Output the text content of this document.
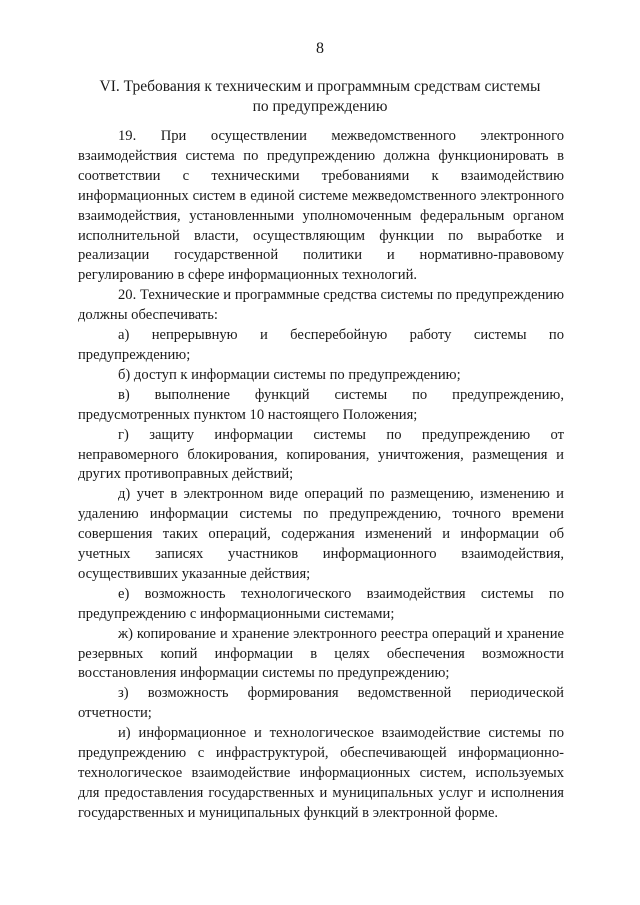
8
VI. Требования к техническим и программным средствам системы
по предупреждению

19. При осуществлении межведомственного электронного взаимодействия система по предупреждению должна функционировать в соответствии с техническими требованиями к взаимодействию информационных систем в единой системе межведомственного электронного взаимодействия, установленными уполномоченным федеральным органом исполнительной власти, осуществляющим функции по выработке и реализации государственной политики и нормативно-правовому регулированию в сфере информационных технологий.

20. Технические и программные средства системы по предупреждению должны обеспечивать:

а) непрерывную и бесперебойную работу системы по предупреждению;

б) доступ к информации системы по предупреждению;

в) выполнение функций системы по предупреждению, предусмотренных пунктом 10 настоящего Положения;

г) защиту информации системы по предупреждению от неправомерного блокирования, копирования, уничтожения, размещения и других противоправных действий;

д) учет в электронном виде операций по размещению, изменению и удалению информации системы по предупреждению, точного времени совершения таких операций, содержания изменений и информации об учетных записях участников информационного взаимодействия, осуществивших указанные действия;

е) возможность технологического взаимодействия системы по предупреждению с информационными системами;

ж) копирование и хранение электронного реестра операций и хранение резервных копий информации в целях обеспечения возможности восстановления информации системы по предупреждению;

з) возможность формирования ведомственной периодической отчетности;

и) информационное и технологическое взаимодействие системы по предупреждению с инфраструктурой, обеспечивающей информационно-технологическое взаимодействие информационных систем, используемых для предоставления государственных и муниципальных услуг и исполнения государственных и муниципальных функций в электронной форме.
